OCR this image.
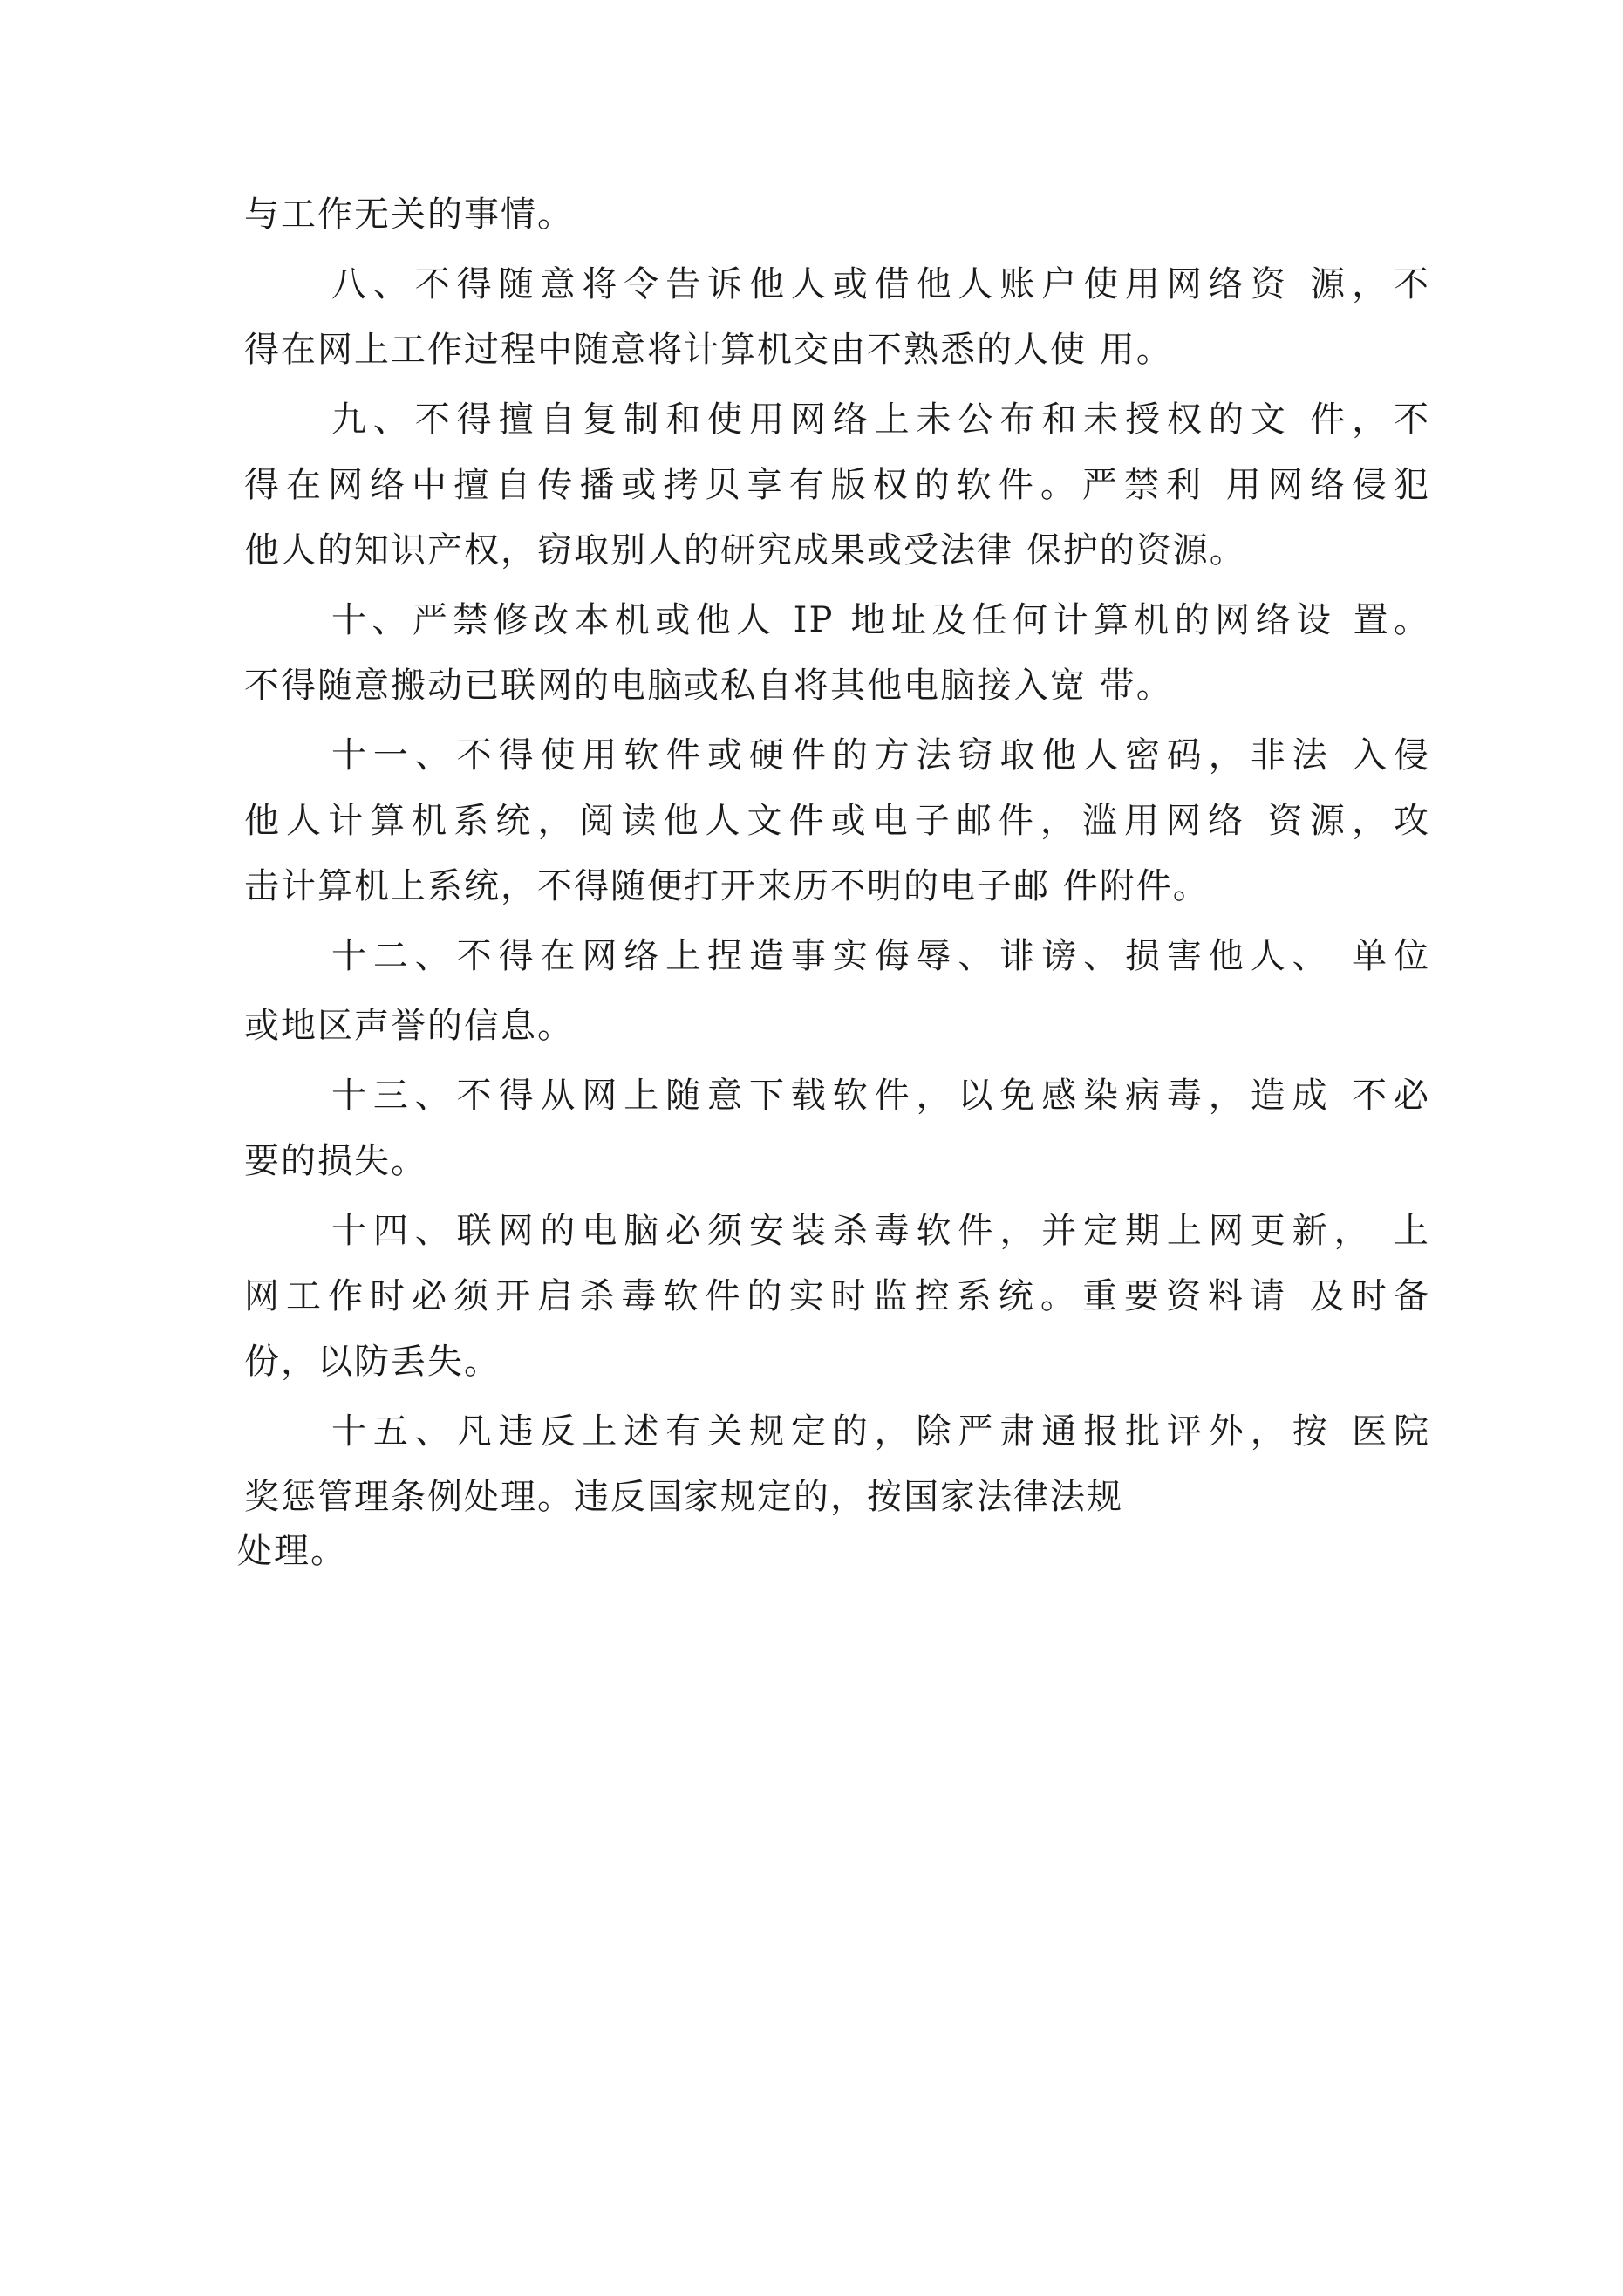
与工作无关的事情。
八、不得随意将令告诉他人或借他人账户使用网络资 源，不
得在网上工作过程中随意将计算机交由不熟悉的人使 用。
九、不得擅自复制和使用网络上未公布和未授权的文 件，不
得在网络中擅自传播或拷贝享有版权的软件。严禁利 用网络侵犯
他人的知识产权，窃取别人的研究成果或受法律 保护的资源。
十、严禁修改本机或他人 IP 地址及任何计算机的网络设 置。
不得随意搬动已联网的电脑或私自将其他电脑接入宽 带。
十一、不得使用软件或硬件的方法窃取他人密码，非法 入侵
他人计算机系统，阅读他人文件或电子邮件，滥用网络 资源，攻
击计算机上系统，不得随便打开来历不明的电子邮 件附件。
十二、不得在网络上捏造事实侮辱、诽谤、损害他人、 单位
或地区声誉的信息。
十三、不得从网上随意下载软件，以免感染病毒，造成 不必
要的损失。
十四、联网的电脑必须安装杀毒软件，并定期上网更新， 上
网工作时必须开启杀毒软件的实时监控系统。重要资料请 及时备
份，以防丢失。
十五、凡违反上述有关规定的，除严肃通报批评外，按 医院
奖惩管理条例处理。违反国家规定的，按国家法律法规
处理。
